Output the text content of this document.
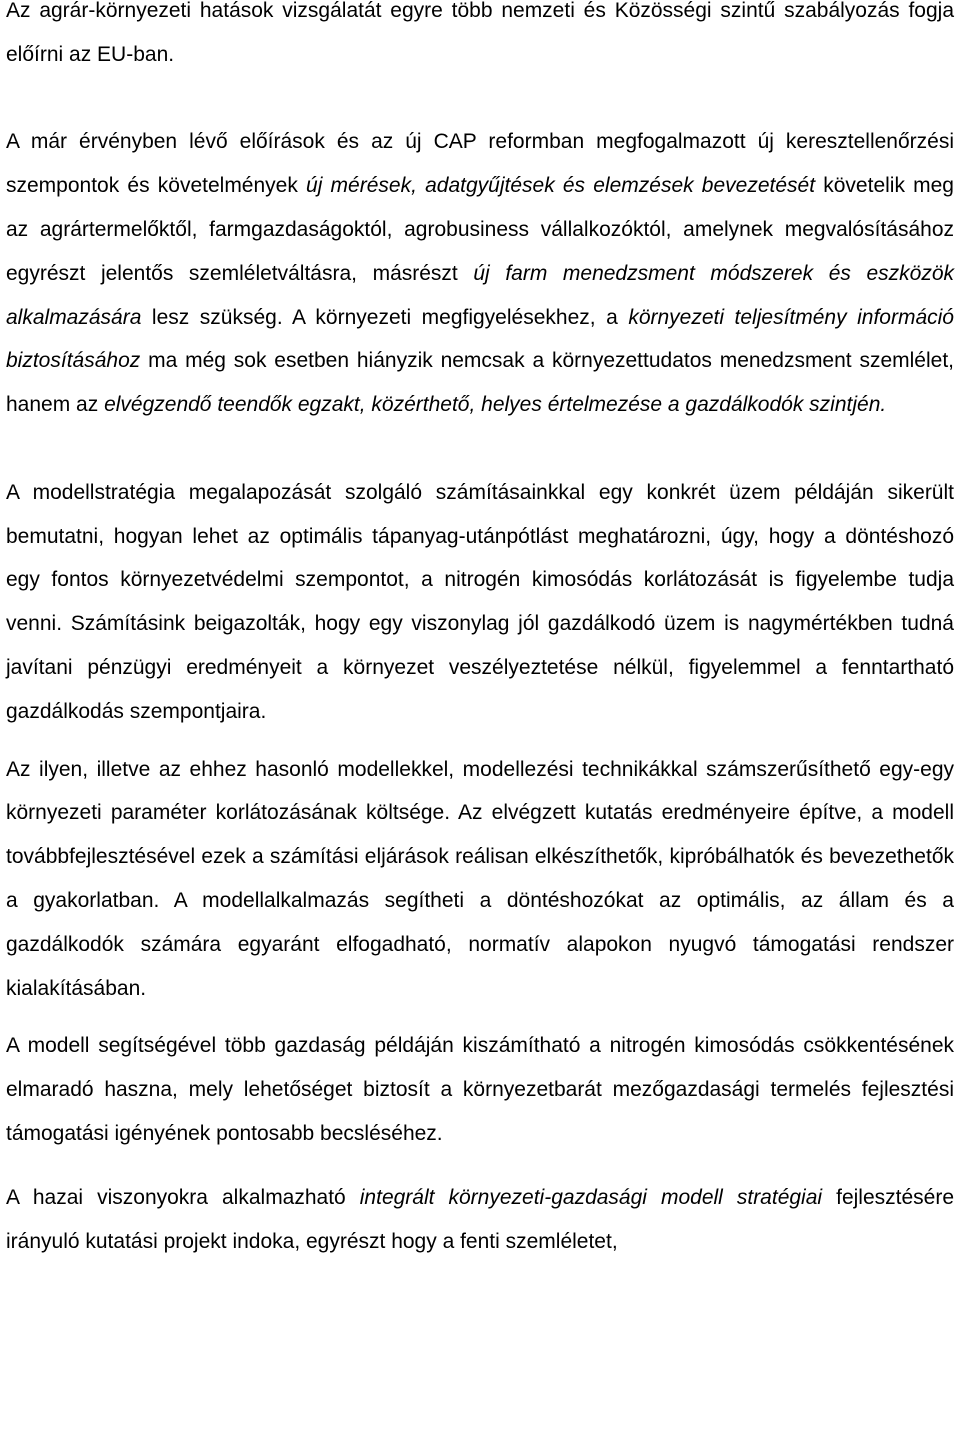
Az agrár-környezeti hatások vizsgálatát egyre több nemzeti és Közösségi szintű szabályozás fogja előírni az EU-ban.

A már érvényben lévő előírások és az új CAP reformban megfogalmazott új keresztellenőrzési szempontok és követelmények új mérések, adatgyűjtések és elemzések bevezetését követelik meg az agrártermelőktől, farmgazdaságoktól, agrobusiness vállalkozóktól, amelynek megvalósításához egyrészt jelentős szemléletváltásra, másrészt új farm menedzsment módszerek és eszközök alkalmazására lesz szükség. A környezeti megfigyelésekhez, a környezeti teljesítmény információ biztosításához ma még sok esetben hiányzik nemcsak a környezettudatos menedzsment szemlélet, hanem az elvégzendő teendők egzakt, közérthető, helyes értelmezése a gazdálkodók szintjén.

A modellstratégia megalapozását szolgáló számításainkkal egy konkrét üzem példáján sikerült bemutatni, hogyan lehet az optimális tápanyag-utánpótlást meghatározni, úgy, hogy a döntéshozó egy fontos környezetvédelmi szempontot, a nitrogén kimosódás korlátozását is figyelembe tudja venni. Számításink beigazolták, hogy egy viszonylag jól gazdálkodó üzem is nagymértékben tudná javítani pénzügyi eredményeit a környezet veszélyeztetése nélkül, figyelemmel a fenntartható gazdálkodás szempontjaira.

Az ilyen, illetve az ehhez hasonló modellekkel, modellezési technikákkal számszerűsíthető egy-egy környezeti paraméter korlátozásának költsége. Az elvégzett kutatás eredményeire építve, a modell továbbfejlesztésével ezek a számítási eljárások reálisan elkészíthetők, kipróbálhatók és bevezethetők a gyakorlatban. A modellalkalmazás segítheti a döntéshozókat az optimális, az állam és a gazdálkodók számára egyaránt elfogadható, normatív alapokon nyugvó támogatási rendszer kialakításában.

A modell segítségével több gazdaság példáján kiszámítható a nitrogén kimosódás csökkentésének elmaradó haszna, mely lehetőséget biztosít a környezetbarát mezőgazdasági termelés fejlesztési támogatási igényének pontosabb becsléséhez.

A hazai viszonyokra alkalmazható integrált környezeti-gazdasági modell stratégiai fejlesztésére irányuló kutatási projekt indoka, egyrészt hogy a fenti szemléletet,
